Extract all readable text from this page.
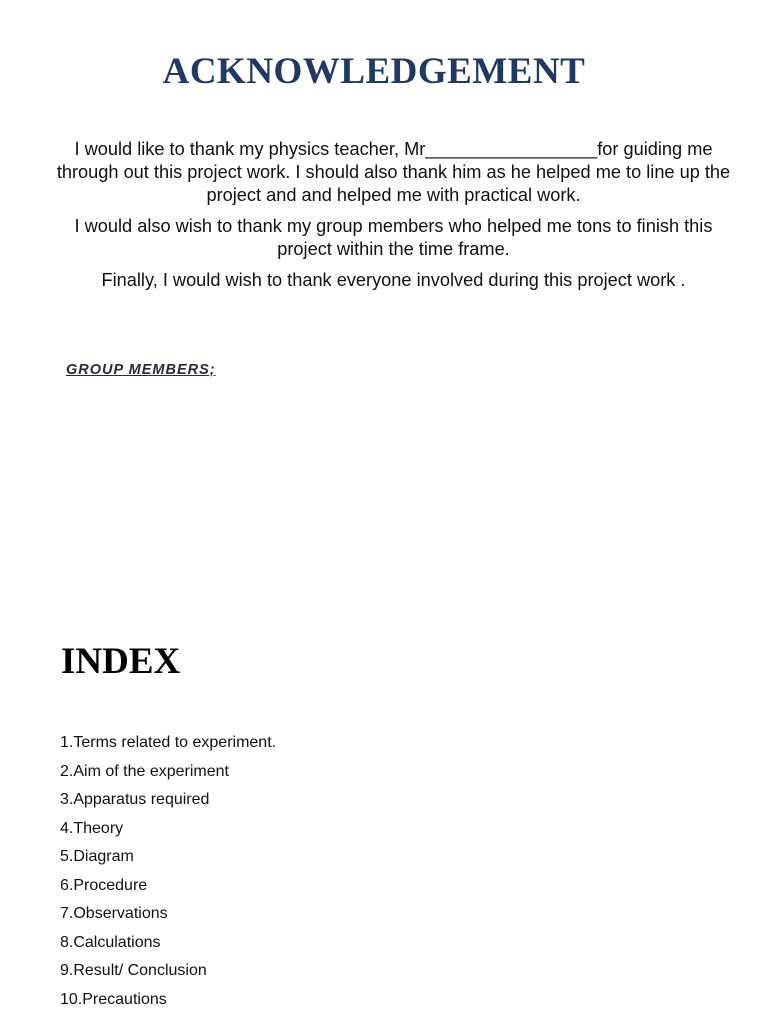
ACKNOWLEDGEMENT

I would like to thank my physics teacher, Mr_________________for guiding me through out this project work. I should also thank him as he helped me to line up the project and and helped me with practical work.

I would also wish to thank my group members who helped me tons to finish this project within the time frame.

Finally, I would wish to thank everyone involved during this project work .

GROUP MEMBERS;
INDEX
1.Terms related to experiment.
2.Aim of the experiment
3.Apparatus required
4.Theory
5.Diagram
6.Procedure
7.Observations
8.Calculations
9.Result/ Conclusion
10.Precautions
